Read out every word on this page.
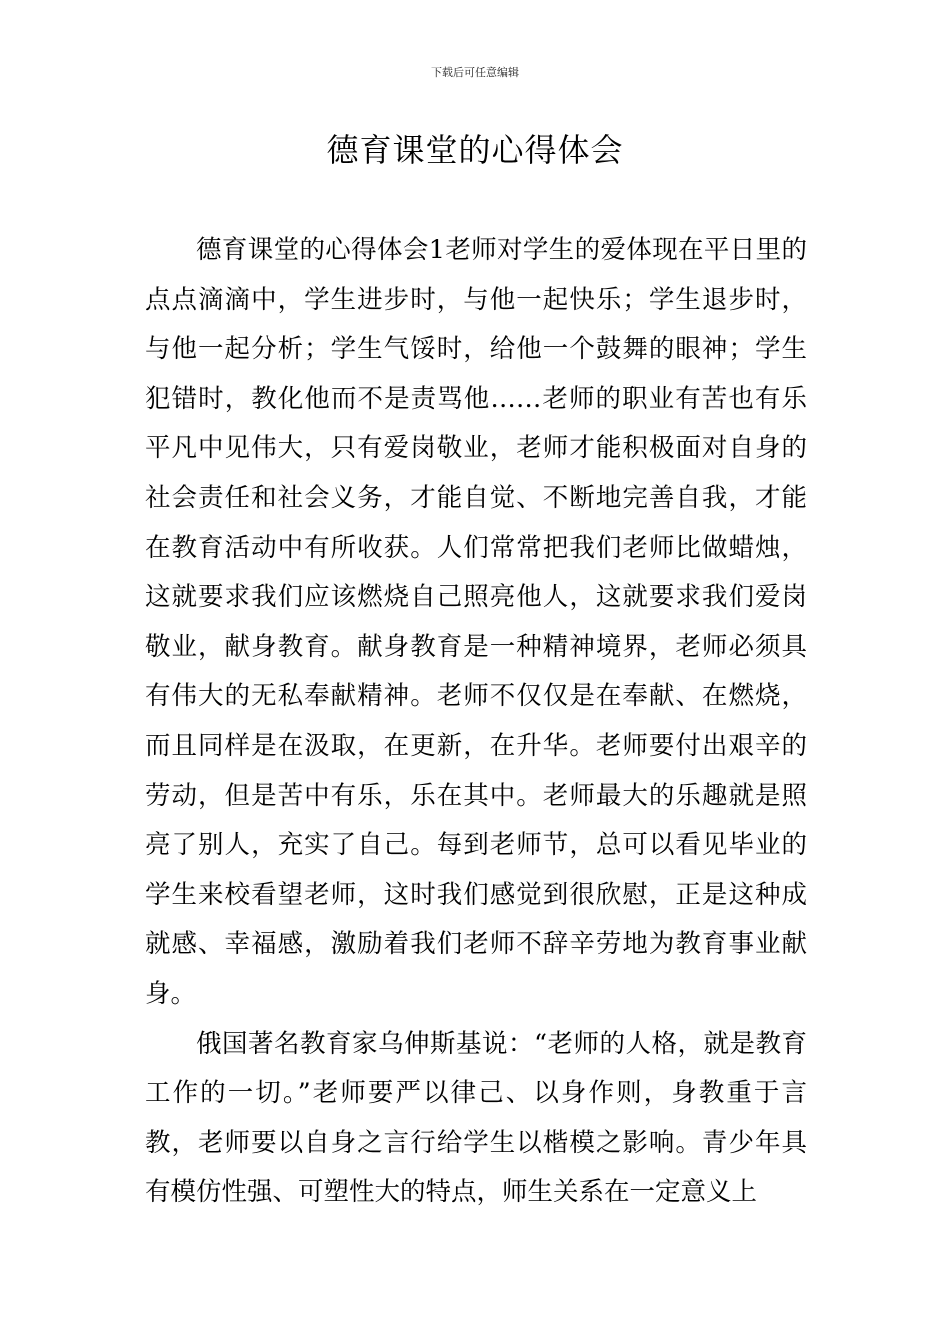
下载后可任意编辑
德育课堂的心得体会

德育课堂的心得体会1老师对学生的爱体现在平日里的点点滴滴中，学生进步时，与他一起快乐；学生退步时，与他一起分析；学生气馁时，给他一个鼓舞的眼神；学生犯错时，教化他而不是责骂他……老师的职业有苦也有乐平凡中见伟大，只有爱岗敬业，老师才能积极面对自身的社会责任和社会义务，才能自觉、不断地完善自我，才能在教育活动中有所收获。人们常常把我们老师比做蜡烛，这就要求我们应该燃烧自己照亮他人，这就要求我们爱岗敬业，献身教育。献身教育是一种精神境界，老师必须具有伟大的无私奉献精神。老师不仅仅是在奉献、在燃烧，而且同样是在汲取，在更新，在升华。老师要付出艰辛的劳动，但是苦中有乐，乐在其中。老师最大的乐趣就是照亮了别人，充实了自己。每到老师节，总可以看见毕业的学生来校看望老师，这时我们感觉到很欣慰，正是这种成就感、幸福感，激励着我们老师不辞辛劳地为教育事业献身。

俄国著名教育家乌伸斯基说：“老师的人格，就是教育工作的一切。”老师要严以律己、以身作则，身教重于言教，老师要以自身之言行给学生以楷模之影响。青少年具有模仿性强、可塑性大的特点，师生关系在一定意义上
